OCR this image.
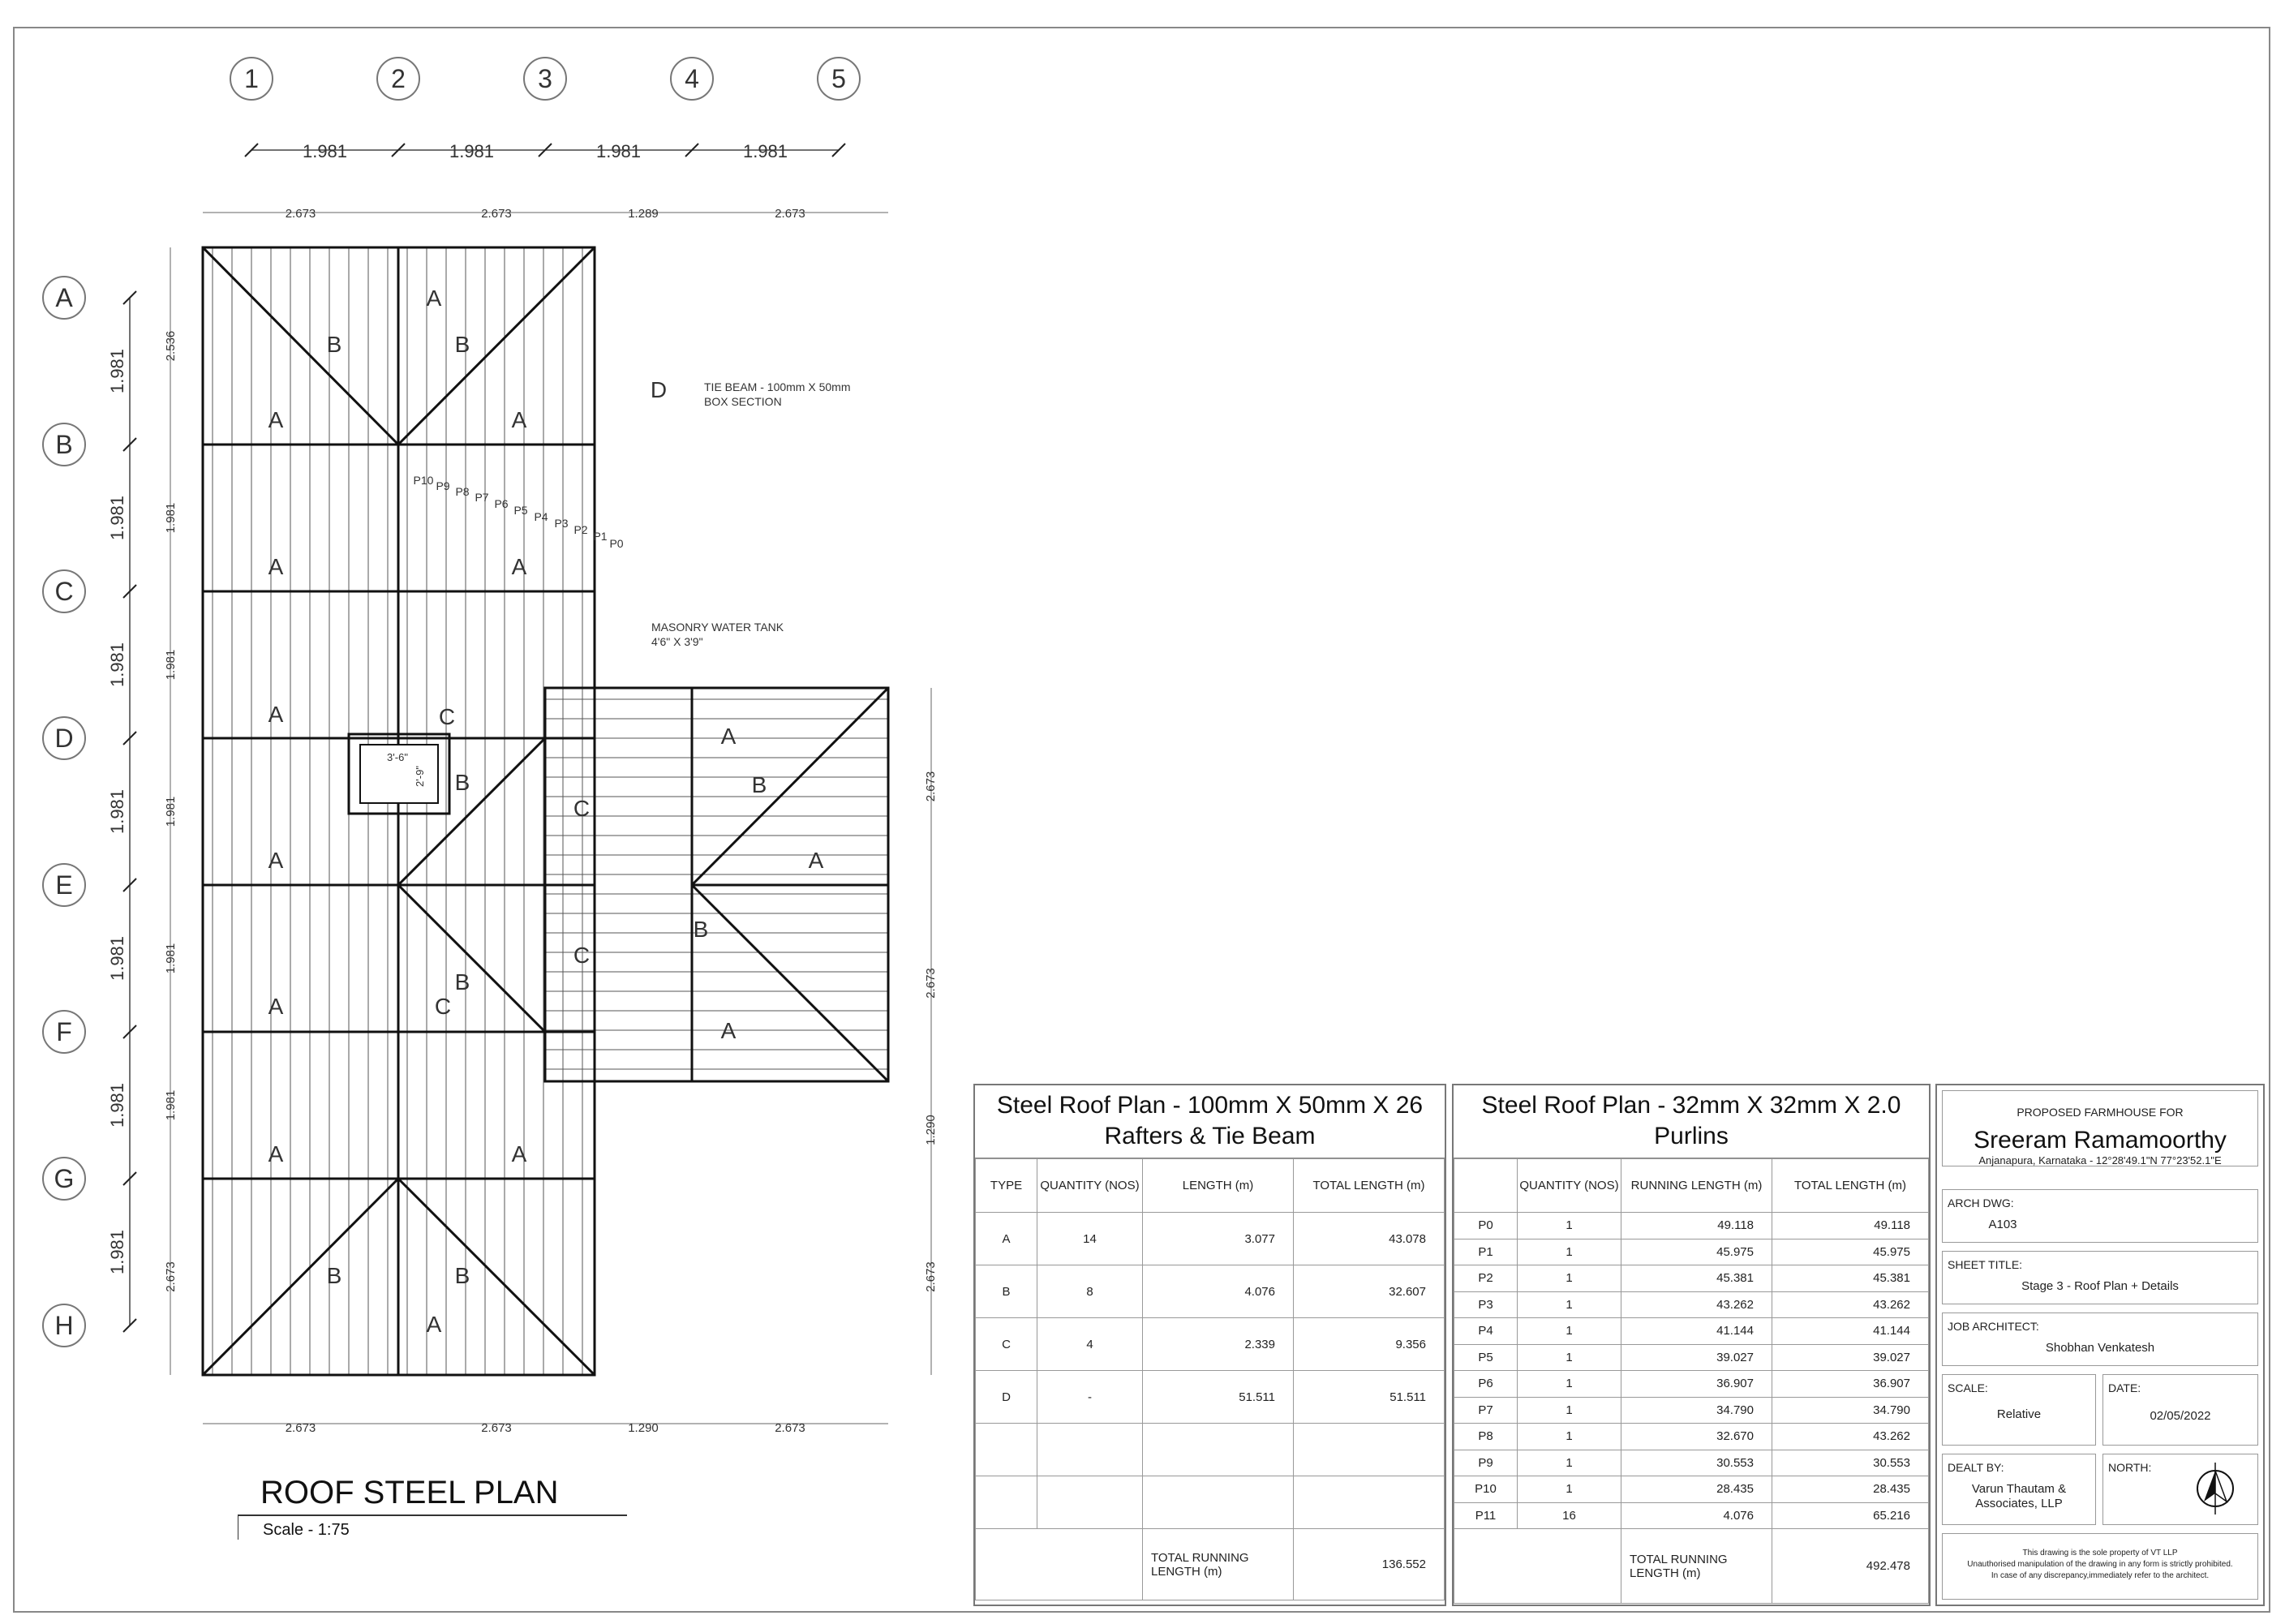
1	2	3	4	5
A
B
C
D
E
F
G
H
1.981	1.981	1.981	1.981
1.981
1.981
1.981
1.981
1.981
1.981
1.981
2.673	2.673	1.289	2.673
2.673	2.673	1.290	2.673
2.536
1.981
1.981
1.981
1.981
1.981
2.673
2.673
2.673
1.290
2.673
A
B	B
A	A
A	A
A	C
B
A
B
C
A	A
B
B
C
A
C
A
A	A
B	B
A
D
P10 P9 P8 P7 P6 P5 P4 P3 P2 P1
P0
TIE BEAM - 100mm X 50mm
BOX SECTION
MASONRY WATER TANK
4'6" X 3'9"
3'-6"
2'-9"
ROOF STEEL PLAN
Scale - 1:75
Steel Roof Plan - 100mm X 50mm X 26
Rafters & Tie Beam
TYPE	QUANTITY (NOS)	LENGTH (m)	TOTAL LENGTH (m)
A	14	3.077	43.078
B	8	4.076	32.607
C	4	2.339	9.356
D	-	51.511	51.511

		TOTAL RUNNING LENGTH (m)	136.552
Steel Roof Plan - 32mm X 32mm X 2.0
Purlins
	QUANTITY (NOS)	RUNNING LENGTH (m)	TOTAL LENGTH (m)
P0	1	49.118	49.118
P1	1	45.975	45.975
P2	1	45.381	45.381
P3	1	43.262	43.262
P4	1	41.144	41.144
P5	1	39.027	39.027
P6	1	36.907	36.907
P7	1	34.790	34.790
P8	1	32.670	43.262
P9	1	30.553	30.553
P10	1	28.435	28.435
P11	16	4.076	65.216
		TOTAL RUNNING LENGTH (m)	492.478
PROPOSED FARMHOUSE FOR
Sreeram Ramamoorthy
Anjanapura, Karnataka - 12°28'49.1"N 77°23'52.1"E
ARCH DWG:
A103
SHEET TITLE:
Stage 3 - Roof Plan + Details
JOB ARCHITECT:
Shobhan Venkatesh
SCALE:
Relative
DATE:
02/05/2022
DEALT BY:
Varun Thautam &
Associates, LLP
NORTH:
This drawing is the sole property of VT LLP
Unauthorised manipulation of the drawing in any form is strictly prohibited.
In case of any discrepancy,immediately refer to the architect.
